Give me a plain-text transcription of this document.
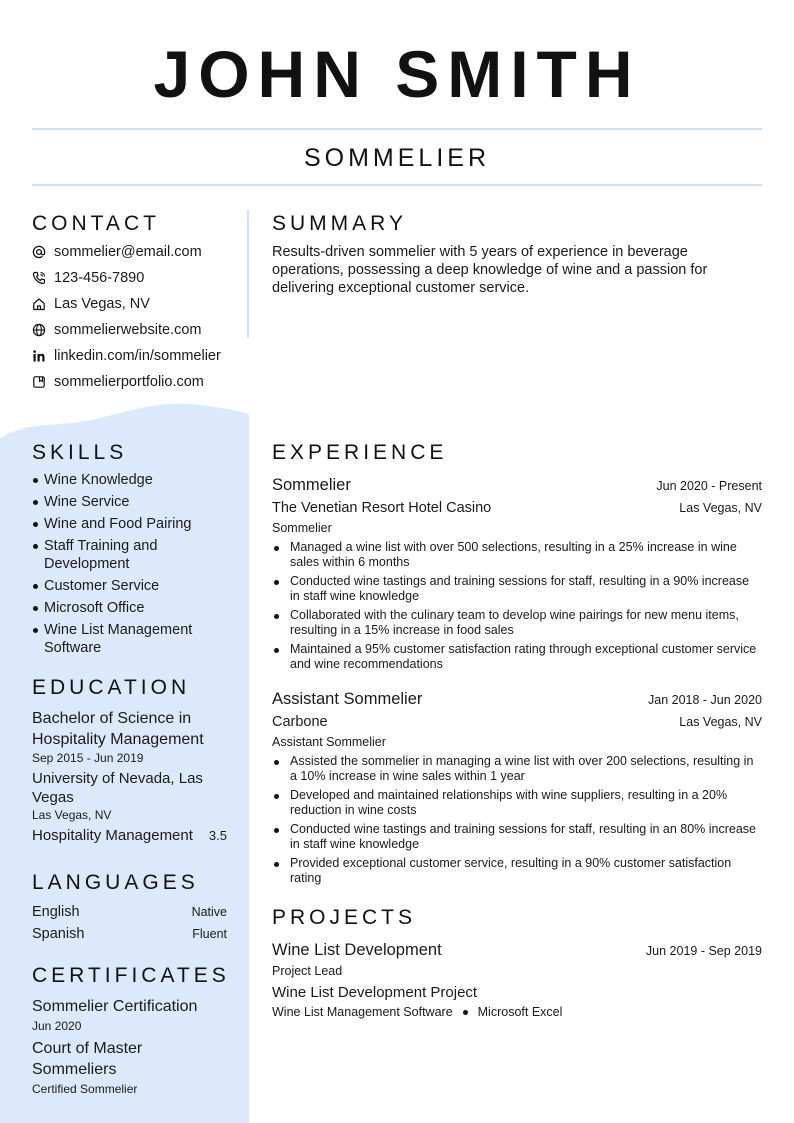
JOHN SMITH
SOMMELIER
CONTACT
sommelier@email.com
123-456-7890
Las Vegas, NV
sommelierwebsite.com
linkedin.com/in/sommelier
sommelierportfolio.com
SKILLS
Wine Knowledge
Wine Service
Wine and Food Pairing
Staff Training and Development
Customer Service
Microsoft Office
Wine List Management Software
EDUCATION
Bachelor of Science in Hospitality Management
Sep 2015 - Jun 2019
University of Nevada, Las Vegas
Las Vegas, NV
Hospitality Management 3.5
LANGUAGES
English	Native
Spanish	Fluent
CERTIFICATES
Sommelier Certification
Jun 2020
Court of Master Sommeliers
Certified Sommelier
SUMMARY

Results-driven sommelier with 5 years of experience in beverage operations, possessing a deep knowledge of wine and a passion for delivering exceptional customer service.

EXPERIENCE
Sommelier	Jun 2020 - Present
The Venetian Resort Hotel Casino	Las Vegas, NV
Sommelier
Managed a wine list with over 500 selections, resulting in a 25% increase in wine sales within 6 months
Conducted wine tastings and training sessions for staff, resulting in a 90% increase in staff wine knowledge
Collaborated with the culinary team to develop wine pairings for new menu items, resulting in a 15% increase in food sales
Maintained a 95% customer satisfaction rating through exceptional customer service and wine recommendations
Assistant Sommelier	Jan 2018 - Jun 2020
Carbone	Las Vegas, NV
Assistant Sommelier
Assisted the sommelier in managing a wine list with over 200 selections, resulting in a 10% increase in wine sales within 1 year
Developed and maintained relationships with wine suppliers, resulting in a 20% reduction in wine costs
Conducted wine tastings and training sessions for staff, resulting in an 80% increase in staff wine knowledge
Provided exceptional customer service, resulting in a 90% customer satisfaction rating
PROJECTS
Wine List Development	Jun 2019 - Sep 2019
Project Lead
Wine List Development Project
Wine List Management Software Microsoft Excel
